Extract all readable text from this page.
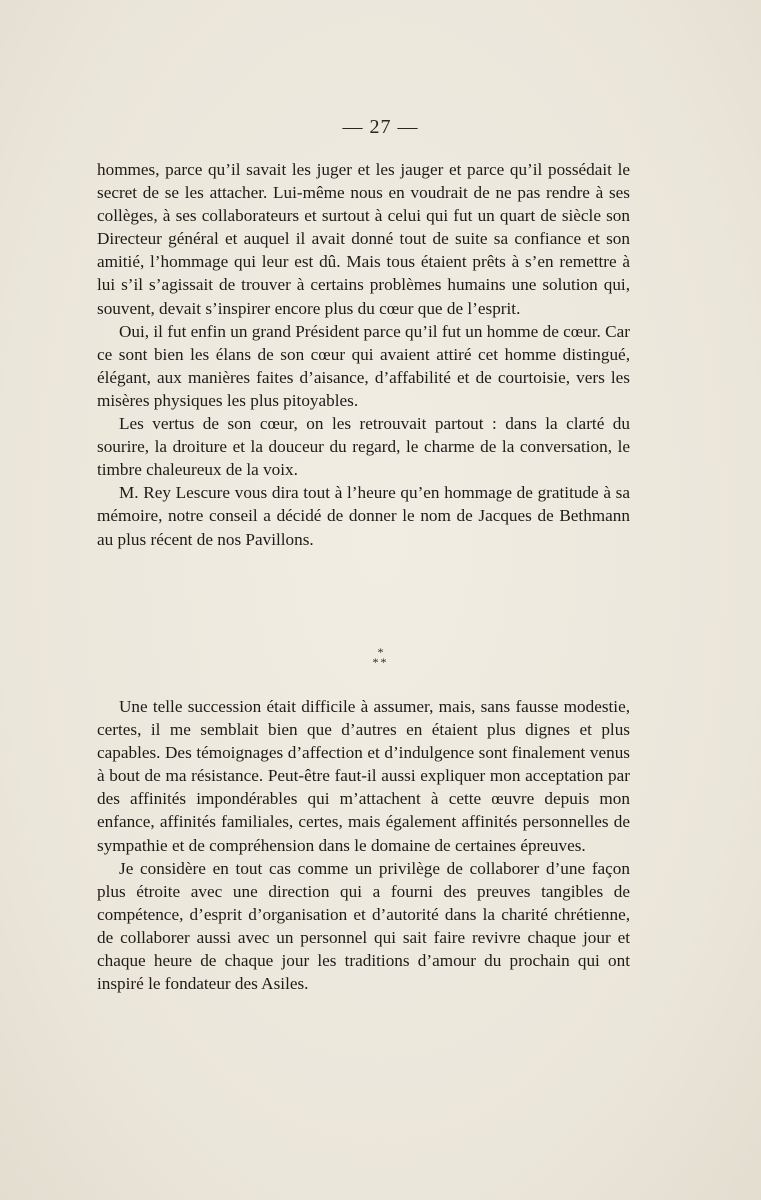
— 27 —

hommes, parce qu’il savait les juger et les jauger et parce qu’il possédait le secret de se les attacher. Lui-même nous en voudrait de ne pas rendre à ses collèges, à ses collaborateurs et surtout à celui qui fut un quart de siècle son Directeur général et auquel il avait donné tout de suite sa confiance et son amitié, l’hommage qui leur est dû. Mais tous étaient prêts à s’en remettre à lui s’il s’agissait de trouver à certains problèmes humains une solution qui, souvent, devait s’inspirer encore plus du cœur que de l’esprit.

Oui, il fut enfin un grand Président parce qu’il fut un homme de cœur. Car ce sont bien les élans de son cœur qui avaient attiré cet homme distingué, élégant, aux manières faites d’aisance, d’affabilité et de courtoisie, vers les misères physiques les plus pitoyables.

Les vertus de son cœur, on les retrouvait partout : dans la clarté du sourire, la droiture et la douceur du regard, le charme de la conversation, le timbre chaleureux de la voix.

M. Rey Lescure vous dira tout à l’heure qu’en hommage de gratitude à sa mémoire, notre conseil a décidé de donner le nom de Jacques de Bethmann au plus récent de nos Pavillons.

*
**

Une telle succession était difficile à assumer, mais, sans fausse modestie, certes, il me semblait bien que d’autres en étaient plus dignes et plus capables. Des témoignages d’affection et d’indulgence sont finalement venus à bout de ma résistance. Peut-être faut-il aussi expliquer mon acceptation par des affinités impondérables qui m’attachent à cette œuvre depuis mon enfance, affinités familiales, certes, mais également affinités personnelles de sympathie et de compréhension dans le domaine de certaines épreuves.

Je considère en tout cas comme un privilège de collaborer d’une façon plus étroite avec une direction qui a fourni des preuves tangibles de compétence, d’esprit d’organisation et d’autorité dans la charité chrétienne, de collaborer aussi avec un personnel qui sait faire revivre chaque jour et chaque heure de chaque jour les traditions d’amour du prochain qui ont inspiré le fondateur des Asiles.
